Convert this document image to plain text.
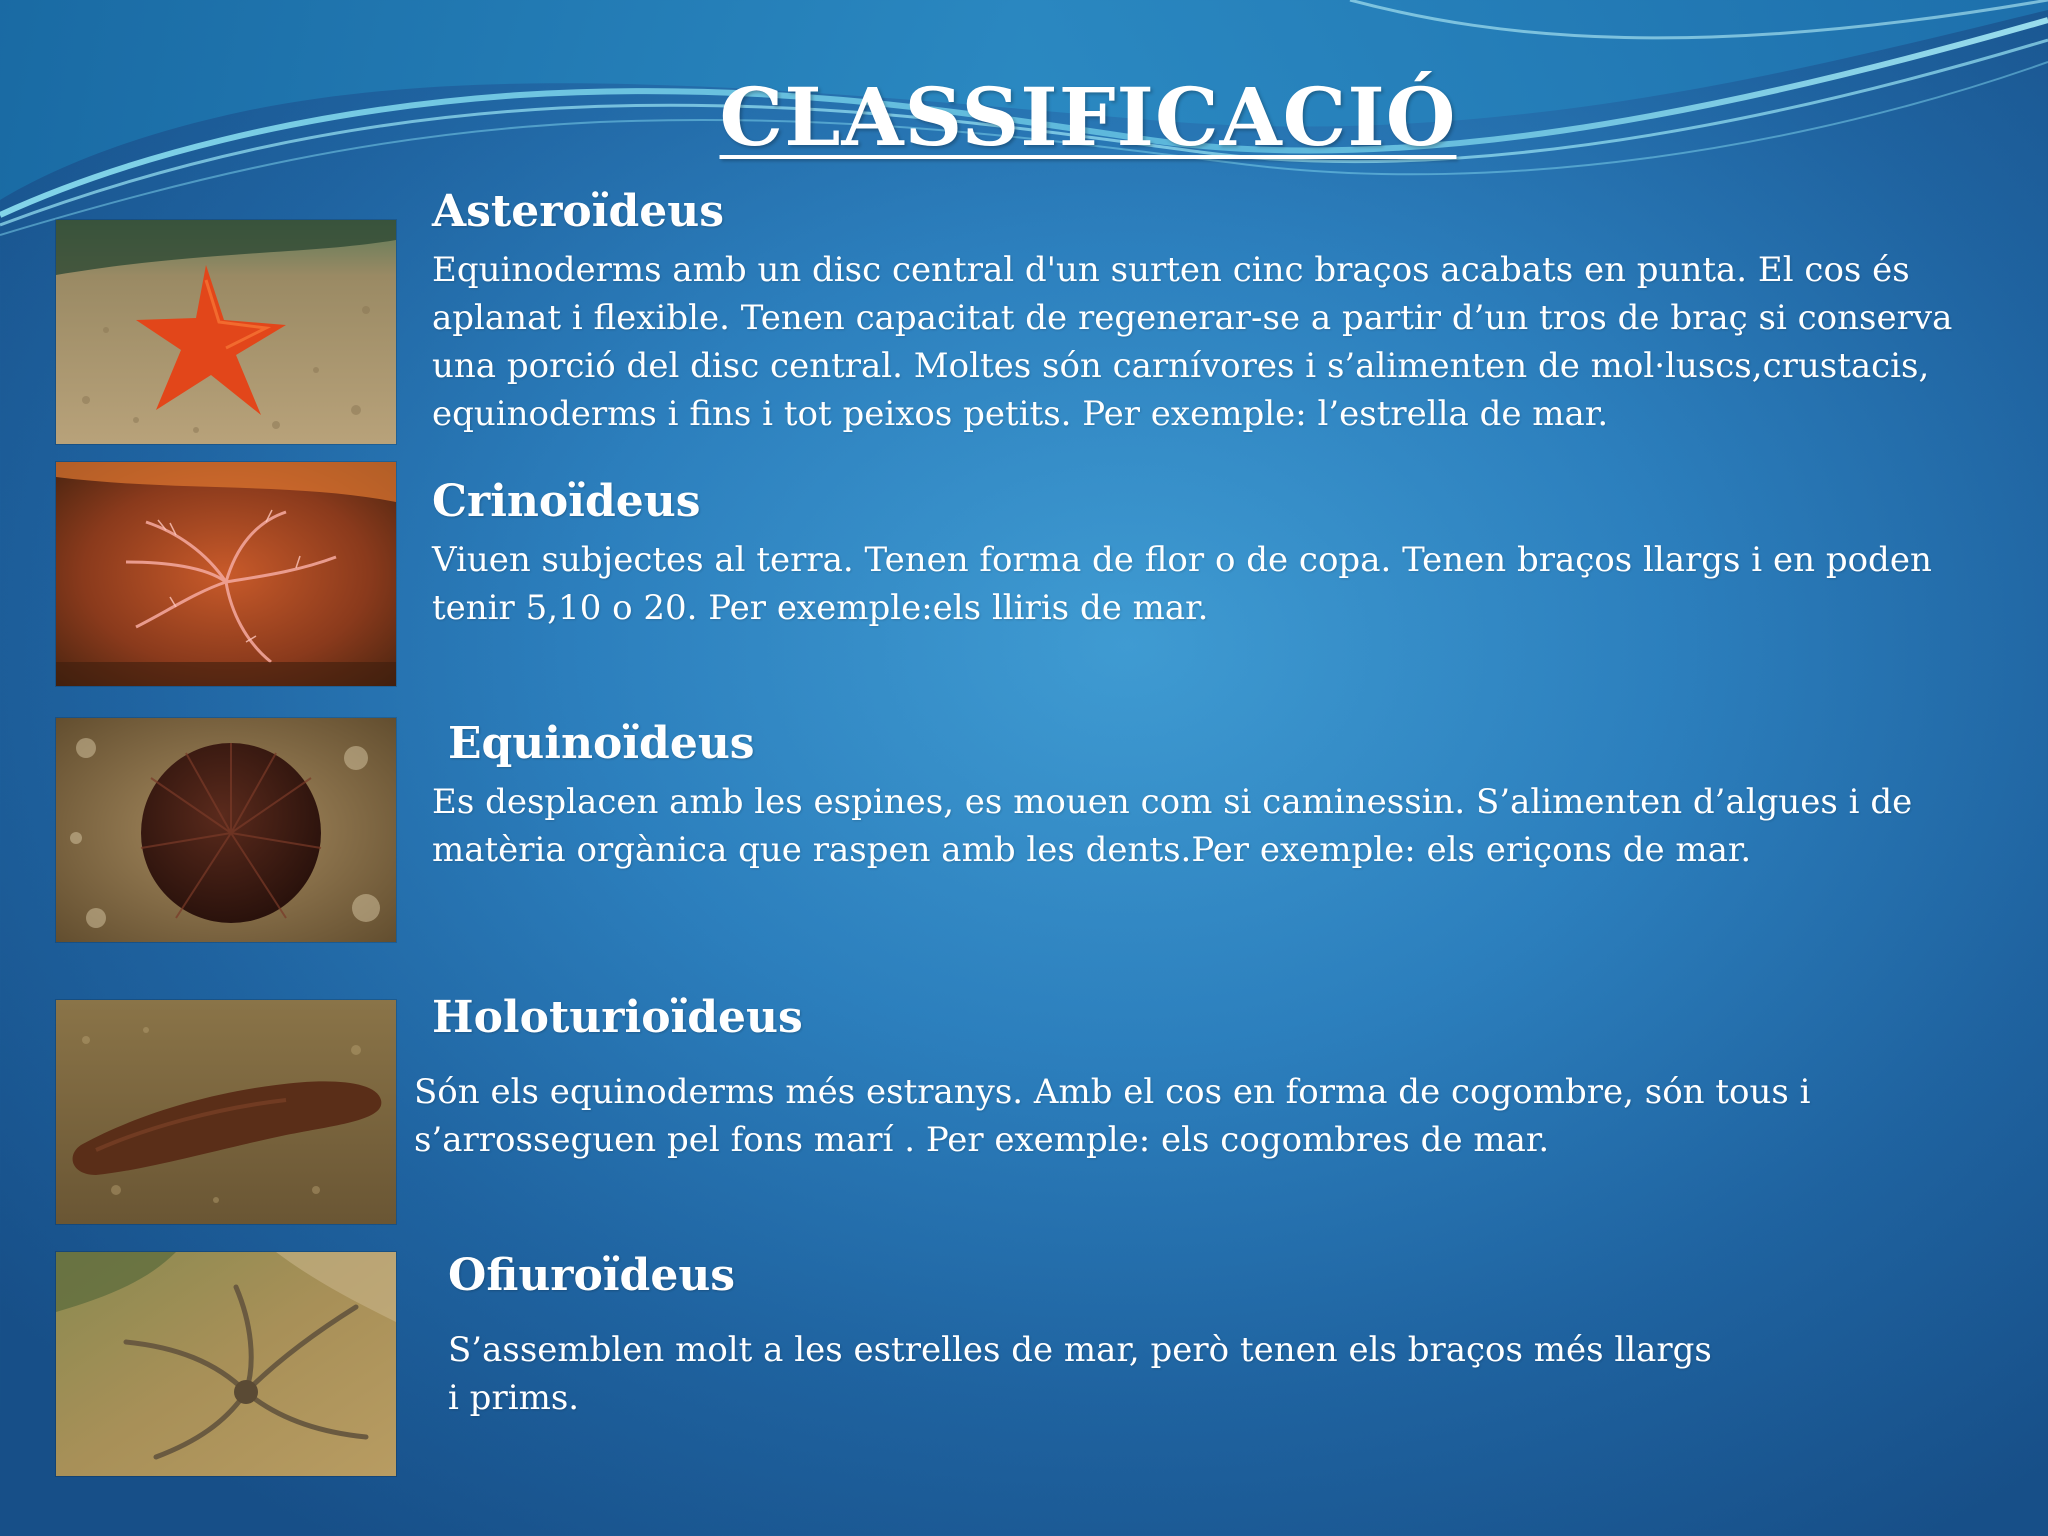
CLASSIFICACIÓ
Asteroïdeus
Equinoderms amb un disc central d'un surten cinc braços acabats en punta. El cos és aplanat i flexible. Tenen capacitat de regenerar-se a partir d’un tros de braç si conserva una porció del disc central. Moltes són carnívores i s’alimenten de mol·luscs,crustacis, equinoderms i fins i tot peixos petits. Per exemple: l’estrella de mar.
Crinoïdeus
Viuen subjectes al terra. Tenen forma de flor o de copa. Tenen braços llargs i en poden tenir 5,10 o 20. Per exemple:els lliris de mar.
Equinoïdeus
Es desplacen amb les espines, es mouen com si caminessin. S’alimenten d’algues i de matèria orgànica que raspen amb les dents.Per exemple: els eriçons de mar.
Holoturioïdeus
Són els equinoderms més estranys. Amb el cos en forma de cogombre, són tous i s’arrosseguen pel fons marí . Per exemple: els cogombres de mar.
Ofiuroïdeus
S’assemblen molt a les estrelles de mar, però tenen els braços més llargs i prims.
